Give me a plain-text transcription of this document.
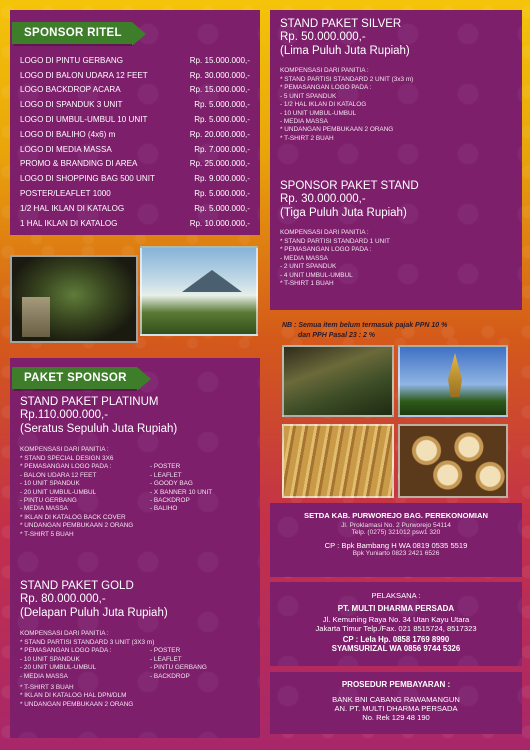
SPONSOR RITEL
LOGO DI PINTU GERBANG	Rp. 15.000.000,-
LOGO DI BALON UDARA 12 FEET	Rp. 30.000.000,-
LOGO BACKDROP ACARA	Rp. 15.000.000,-
LOGO DI SPANDUK 3 UNIT	Rp. 5.000.000,-
LOGO DI UMBUL-UMBUL 10 UNIT	Rp. 5.000.000,-
LOGO DI BALIHO (4x6) m	Rp. 20.000.000,-
LOGO DI MEDIA MASSA	Rp. 7.000.000,-
PROMO & BRANDING DI AREA	Rp. 25.000.000,-
LOGO DI SHOPPING BAG 500 UNIT	Rp. 9.000.000,-
POSTER/LEAFLET 1000	Rp. 5.000.000,-
1/2 HAL IKLAN DI KATALOG	Rp. 5.000.000,-
1 HAL IKLAN DI KATALOG	Rp. 10.000.000,-
PAKET SPONSOR
STAND PAKET PLATINUM
Rp.110.000.000,-
(Seratus Sepuluh Juta Rupiah)
KOMPENSASI DARI PANITIA :
* STAND SPECIAL DESIGN 3X6
* PEMASANGAN LOGO PADA :
- BALON UDARA 12 FEET
- 10 UNIT SPANDUK
- 20 UNIT UMBUL-UMBUL
- PINTU GERBANG
- MEDIA MASSA
- POSTER
- LEAFLET
- GOODY BAG
- X BANNER 10 UNIT
- BACKDROP
- BALIHO
* IKLAN DI KATALOG BACK COVER
* UNDANGAN PEMBUKAAN 2 ORANG
* T-SHIRT 5 BUAH
STAND PAKET GOLD
Rp. 80.000.000,-
(Delapan Puluh Juta Rupiah)
KOMPENSASI DARI PANITIA :
* STAND PARTISI STANDARD 3 UNIT (3X3 m)
* PEMASANGAN LOGO PADA :
- 10 UNIT SPANDUK
- 20 UNIT UMBUL-UMBUL
- MEDIA MASSA
- POSTER
- LEAFLET
- PINTU GERBANG
- BACKDROP
* T-SHIRT 3 BUAH
* IKLAN DI KATALOG HAL DPN/DLM
* UNDANGAN PEMBUKAAN 2 ORANG
STAND PAKET SILVER
Rp. 50.000.000,-
(Lima Puluh Juta Rupiah)
KOMPENSASI DARI PANITIA :
* STAND PARTISI STANDARD 2 UNIT (3x3 m)
* PEMASANGAN LOGO PADA :
- 5 UNIT SPANDUK
- 1/2 HAL IKLAN DI KATALOG
- 10 UNIT UMBUL-UMBUL
- MEDIA MASSA
* UNDANGAN PEMBUKAAN 2 ORANG
* T-SHIRT 2 BUAH
SPONSOR PAKET STAND
Rp. 30.000.000,-
(Tiga Puluh Juta Rupiah)
KOMPENSASI DARI PANITIA :
* STAND PARTISI STANDARD 1 UNIT
* PEMASANGAN LOGO PADA :
- MEDIA MASSA
- 2 UNIT SPANDUK
- 4 UNIT UMBUL-UMBUL
* T-SHIRT 1 BUAH
NB : Semua item belum termasuk pajak PPN 10 %
dan PPH Pasal 23 : 2 %
SETDA KAB. PURWOREJO BAG. PEREKONOMIAN
Jl. Proklamasi No. 2 Purworejo 54114
Telp. (0275) 321012 psw1 320
CP : Bpk Bambang H WA 0819 0535 5519
Bpk Yuniarto 0823 2421 6526
PELAKSANA :
PT. MULTI DHARMA PERSADA
Jl. Kemuning Raya No. 34 Utan Kayu Utara
Jakarta Timur Telp./Fax. 021 8515724, 8517323
CP : Lela Hp. 0858 1769 8990
SYAMSURIZAL WA 0856 9744 5326
PROSEDUR PEMBAYARAN :
BANK BNI CABANG RAWAMANGUN
AN. PT. MULTI DHARMA PERSADA
No. Rek 129 48 190
